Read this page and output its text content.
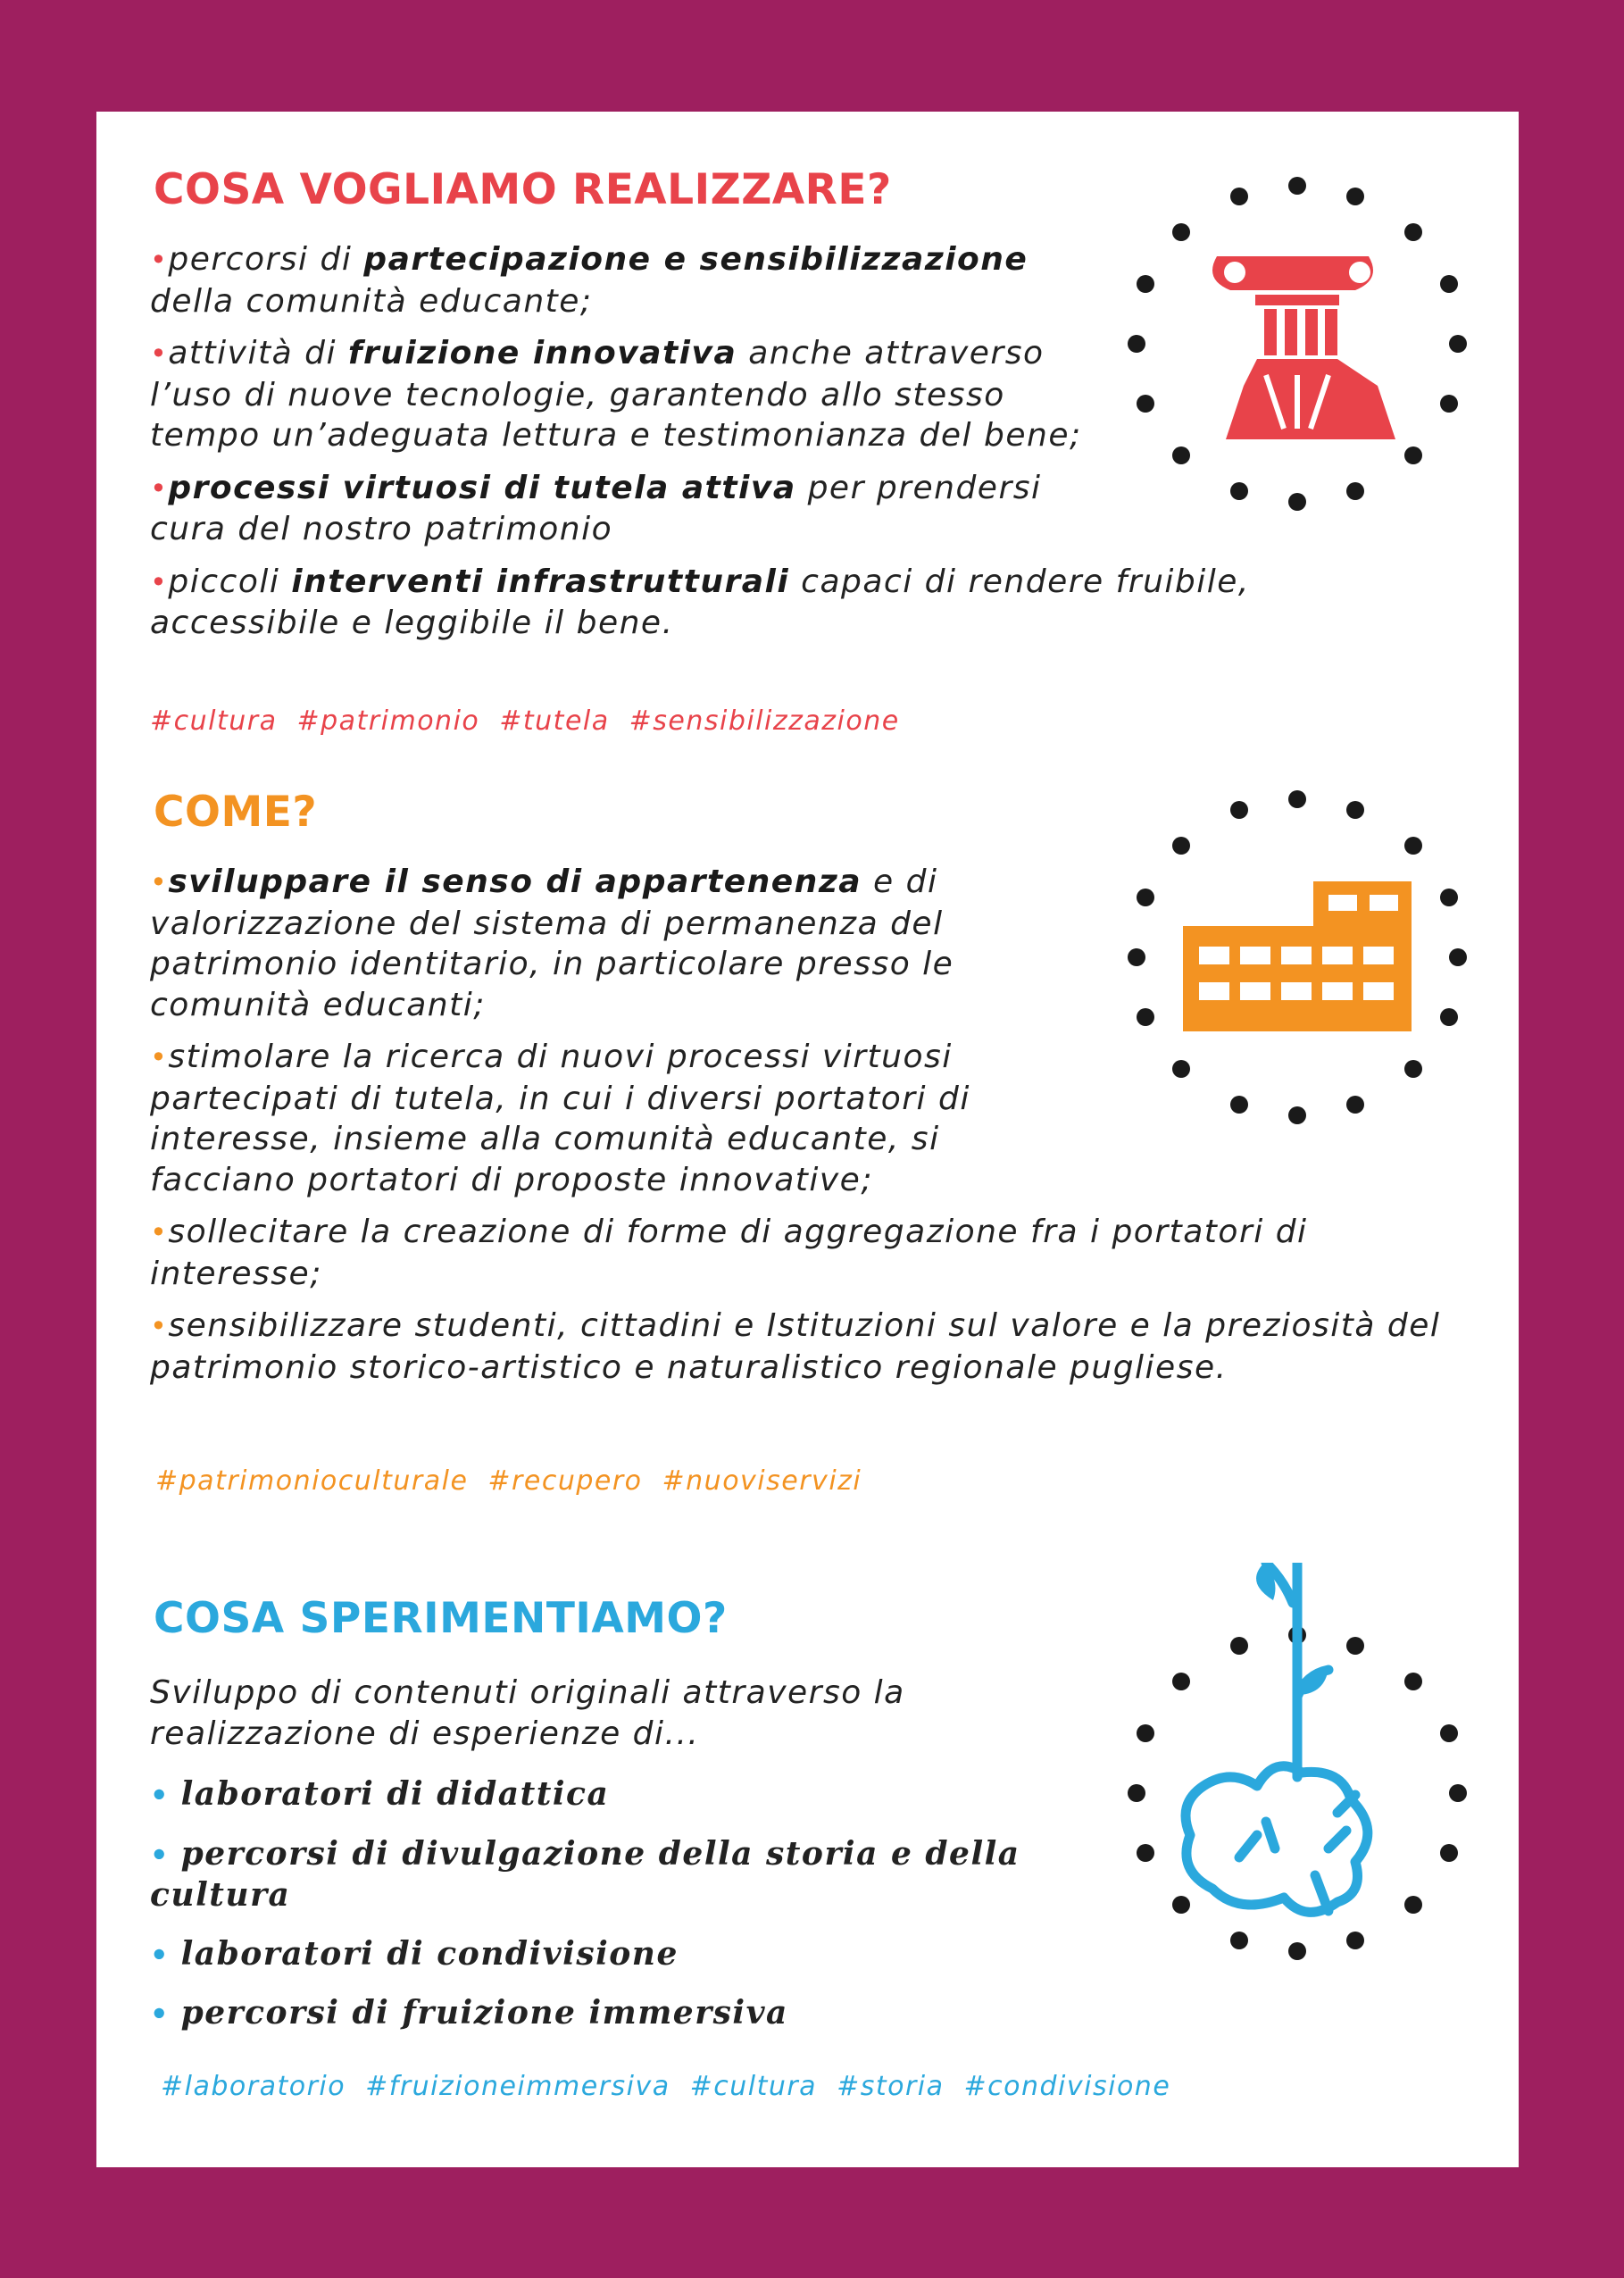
COSA VOGLIAMO REALIZZARE?
•percorsi di partecipazione e sensibilizzazione della comunità educante;
•attività di fruizione innovativa anche attraverso l’uso di nuove tecnologie, garantendo allo stesso tempo un’adeguata lettura e testimonianza del bene;
•processi virtuosi di tutela attiva per prendersi cura del nostro patrimonio
•piccoli interventi infrastrutturali capaci di rendere fruibile, accessibile e leggibile il bene.

#cultura #patrimonio #tutela #sensibilizzazione

COME?
•sviluppare il senso di appartenenza e di valorizzazione del sistema di permanenza del patrimonio identitario, in particolare presso le comunità educanti;
•stimolare la ricerca di nuovi processi virtuosi partecipati di tutela, in cui i diversi portatori di interesse, insieme alla comunità educante, si facciano portatori di proposte innovative;
•sollecitare la creazione di forme di aggregazione fra i portatori di interesse;
•sensibilizzare studenti, cittadini e Istituzioni sul valore e la preziosità del patrimonio storico-artistico e naturalistico regionale pugliese.

#patrimonioculturale #recupero #nuoviservizi

COSA SPERIMENTIAMO?

Sviluppo di contenuti originali attraverso la realizzazione di esperienze di...

• laboratori di didattica
• percorsi di divulgazione della storia e della cultura
• laboratori di condivisione
• percorsi di fruizione immersiva

#laboratorio #fruizioneimmersiva #cultura #storia #condivisione
